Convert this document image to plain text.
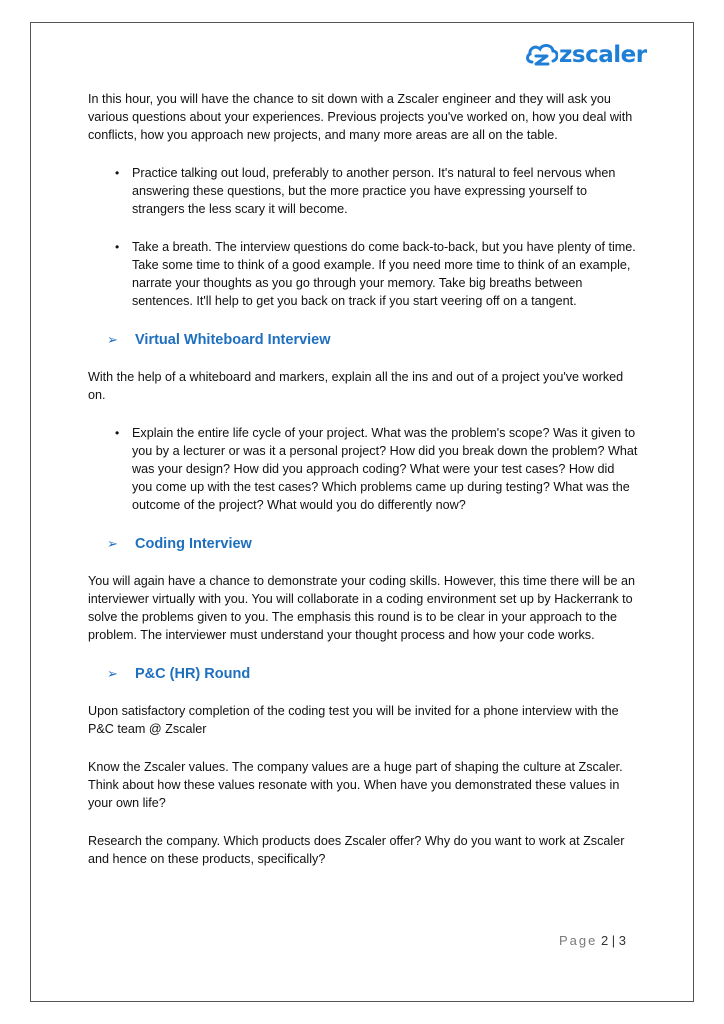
zscaler

In this hour, you will have the chance to sit down with a Zscaler engineer and they will ask you various questions about your experiences. Previous projects you've worked on, how you deal with conflicts, how you approach new projects, and many more areas are all on the table.

• Practice talking out loud, preferably to another person. It's natural to feel nervous when answering these questions, but the more practice you have expressing yourself to strangers the less scary it will become.
• Take a breath. The interview questions do come back-to-back, but you have plenty of time. Take some time to think of a good example. If you need more time to think of an example, narrate your thoughts as you go through your memory. Take big breaths between sentences. It'll help to get you back on track if you start veering off on a tangent.
➢	Virtual Whiteboard Interview

With the help of a whiteboard and markers, explain all the ins and out of a project you've worked on.

• Explain the entire life cycle of your project. What was the problem's scope? Was it given to you by a lecturer or was it a personal project? How did you break down the problem? What was your design? How did you approach coding? What were your test cases? How did you come up with the test cases? Which problems came up during testing? What was the outcome of the project? What would you do differently now?
➢	Coding Interview

You will again have a chance to demonstrate your coding skills. However, this time there will be an interviewer virtually with you. You will collaborate in a coding environment set up by Hackerrank to solve the problems given to you. The emphasis this round is to be clear in your approach to the problem. The interviewer must understand your thought process and how your code works.

➢	P&C (HR) Round

Upon satisfactory completion of the coding test you will be invited for a phone interview with the P&C team @ Zscaler

Know the Zscaler values. The company values are a huge part of shaping the culture at Zscaler. Think about how these values resonate with you. When have you demonstrated these values in your own life?

Research the company. Which products does Zscaler offer? Why do you want to work at Zscaler and hence on these products, specifically?

Page 2 | 3
